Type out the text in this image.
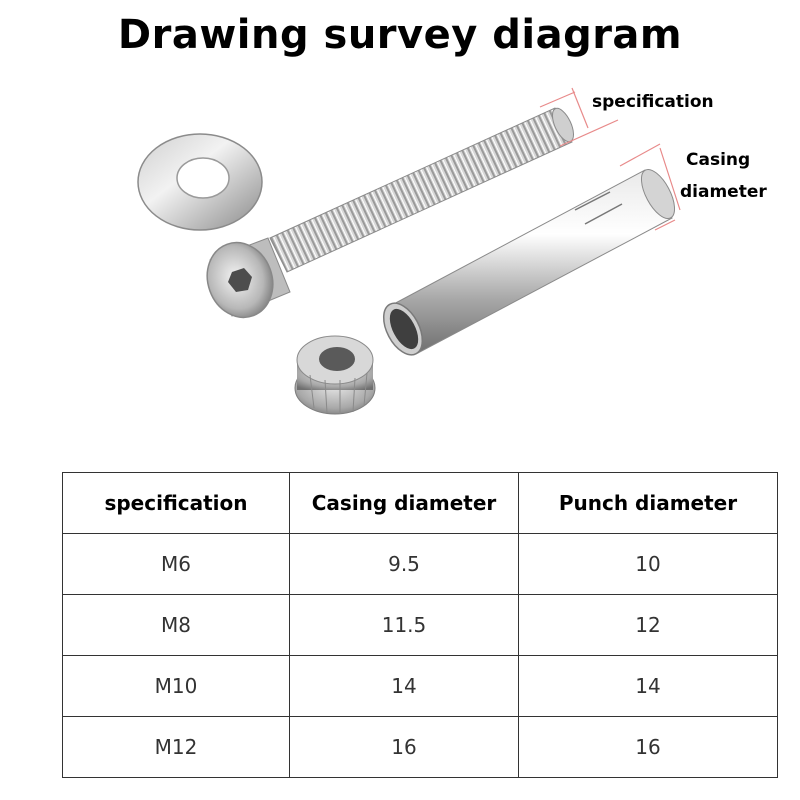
Drawing survey diagram
specification
Casing
diameter
specification	Casing diameter	Punch diameter
M6	9.5	10
M8	11.5	12
M10	14	14
M12	16	16
